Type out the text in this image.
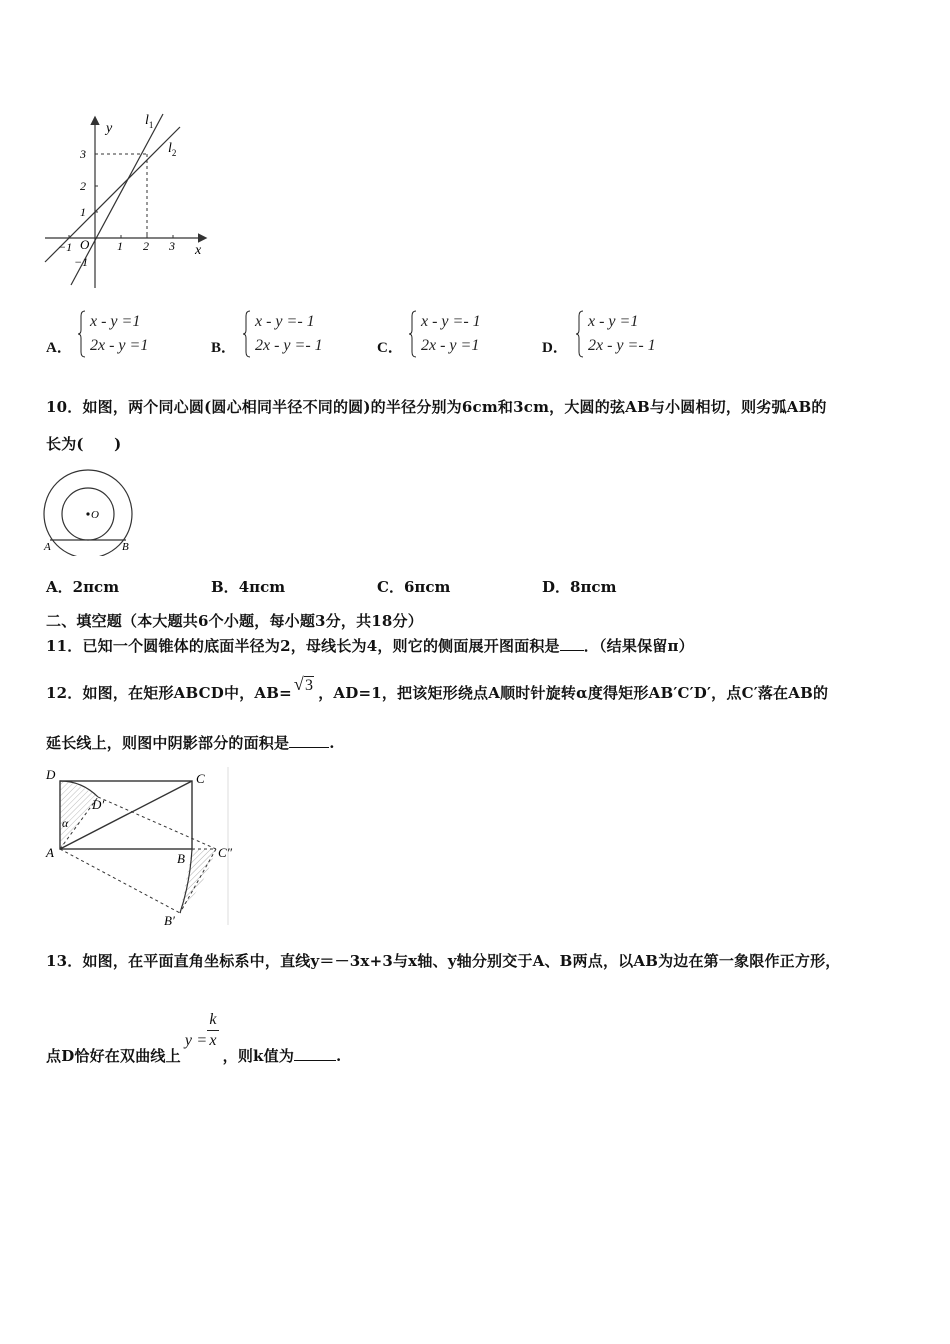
y
x
O
$l_1$
$l_2$
3
2
1
−1
−1	1 2 3
A．
x - y =1
2x - y =1	B．
x - y =- 1
2x - y =- 1	C．
x - y =- 1
2x - y =1	D．
x - y =1
2x - y =- 1
10．如图，两个同心圆(圆心相同半径不同的圆)的半径分别为6cm和3cm，大圆的弦AB与小圆相切，则劣弧AB的
长为(　　)
O
A	B
A．2πcm	B．4πcm	C．6πcm	D．8πcm
二、填空题（本大题共6个小题，每小题3分，共18分）
11．已知一个圆锥体的底面半径为2，母线长为4，则它的侧面展开图面积是 ．（结果保留π）
12．如图，在矩形ABCD中，AB= √3 ，AD=1，把该矩形绕点A顺时针旋转α度得矩形AB′C′D′，点C′落在AB的
延长线上，则图中阴影部分的面积是	.
D	C
D′
α
A	B	C″
B′
13．如图，在平面直角坐标系中，直线y＝－3x+3与x轴、y轴分别交于A、B两点，以AB为边在第一象限作正方形，
点D恰好在双曲线上$y = \frac{k}{x}$
，则k值为	.
